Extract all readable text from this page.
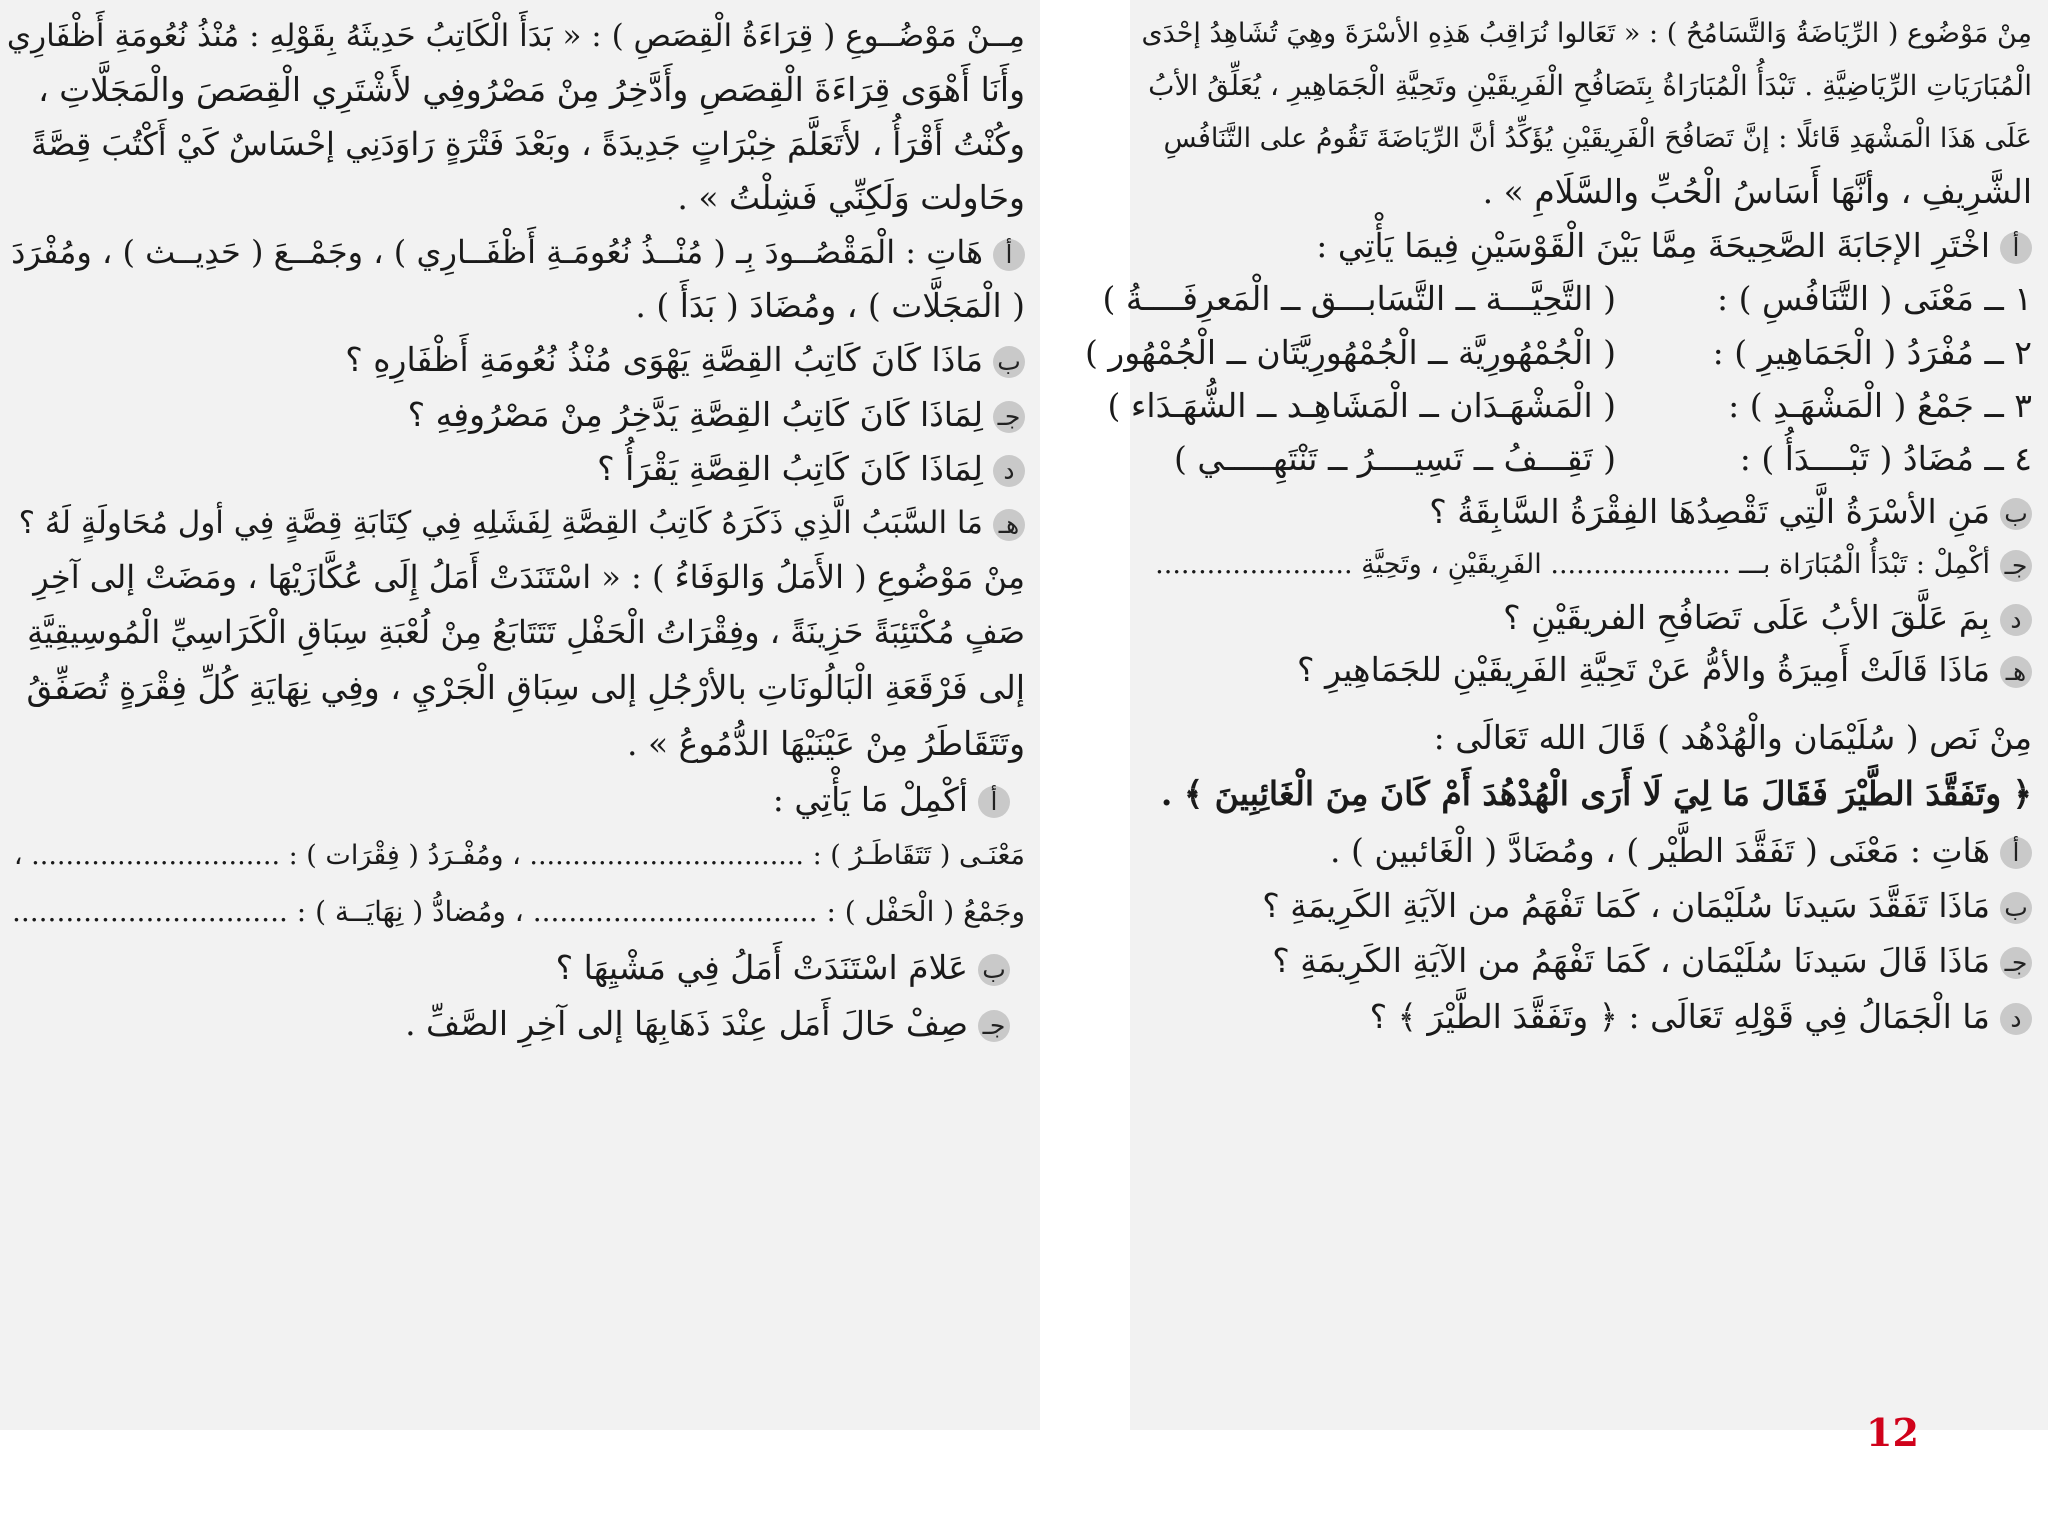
مِنْ مَوْضُوع ( الرِّيَاضَةُ وَالتَّسَامُحُ ) : « تَعَالوا نُرَاقِبُ هَذِهِ الأسْرَةَ وهِيَ تُشَاهِدُ إحْدَى
الْمُبَارَيَاتِ الرِّيَاضِيَّةِ . تَبْدَأُ الْمُبَارَاةُ بِتَصَافُحِ الْفَرِيقَيْنِ وتَحِيَّةِ الْجَمَاهِيرِ ، يُعَلِّقُ الأبُ
عَلَى هَذَا الْمَشْهَدِ قَائلًا : إنَّ تَصَافُحَ الْفَرِيقَيْنِ يُؤَكِّدُ أنَّ الرِّيَاضَةَ تَقُومُ على التَّنَافُسِ
الشَّرِيفِ ، وأنَّهَا أَسَاسُ الْحُبِّ والسَّلَامِ » .
أاخْتَرِ الإجَابَةَ الصَّحِيحَةَ مِمَّا بَيْنَ الْقَوْسَيْنِ فِيمَا يَأْتِي :
١ ــ مَعْنَى ( التَّنَافُسِ ) :
( التَّحِيَّـــة ــ التَّسَابـــق ــ الْمَعرِفَــــةُ )
٢ ــ مُفْرَدُ ( الْجَمَاهِيرِ ) :
( الْجُمْهُورِيَّة ــ الْجُمْهُورِيَّتَان ــ الْجُمْهُور )
٣ ــ جَمْعُ ( الْمَشْهَـدِ ) :
( الْمَشْهَـدَان ــ الْمَشَاهِـد ــ الشُّهَـدَاء )
٤ ــ مُضَادُ ( تَبْــــدَأُ ) :
( تَقِـــفُ ــ تَسِيــــرُ ــ تَنْتَهِـــــي )
بمَنِ الأسْرَةُ الَّتِي تَقْصِدُهَا الفِقْرَةُ السَّابِقَةُ ؟
جـأكْمِلْ : تَبْدَأُ الْمُبَارَاة بـــ ..................... الفَرِيقَيْنِ ، وتَحِيَّةِ .......................
دبِمَ عَلَّقَ الأبُ عَلَى تَصَافُحِ الفريقَيْنِ ؟
هـمَاذَا قَالَتْ أَمِيرَةُ والأمُّ عَنْ تَحِيَّةِ الفَرِيقَيْنِ للجَمَاهِيرِ ؟
مِنْ نَص ( سُلَيْمَان والْهُدْهُد ) قَالَ الله تَعَالَى :
﴿ وتَفَقَّدَ الطَّيْرَ فَقَالَ مَا لِيَ لَا أَرَى الْهُدْهُدَ أَمْ كَانَ مِنَ الْغَائِبِينَ ﴾ .
أهَاتِ : مَعْنَى ( تَفَقَّدَ الطَّيْر ) ، ومُضَادَّ ( الْغَائبين ) .
بمَاذَا تَفَقَّدَ سَيدنَا سُلَيْمَان ، كَمَا تَفْهَمُ من الآيَةِ الكَرِيمَةِ ؟
جـمَاذَا قَالَ سَيدنَا سُلَيْمَان ، كَمَا تَفْهَمُ من الآيَةِ الكَرِيمَةِ ؟
دمَا الْجَمَالُ فِي قَوْلِهِ تَعَالَى : ﴿ وتَفَقَّدَ الطَّيْرَ ﴾ ؟
مِــنْ مَوْضُــوعِ ( قِرَاءَةُ الْقِصَصِ ) : « بَدَأَ الْكَاتِبُ حَدِيثَهُ بِقَوْلِهِ : مُنْذُ نُعُومَةِ أَظْفَارِي
وأَنَا أَهْوَى قِرَاءَةَ الْقِصَصِ وأَدَّخِرُ مِنْ مَصْرُوفِي لأَشْتَرِي الْقِصَصَ والْمَجَلَّاتِ ،
وكُنْتُ أَقْرَأُ ، لأَتَعَلَّمَ خِبْرَاتٍ جَدِيدَةً ، وبَعْدَ فَتْرَةٍ رَاوَدَنِي إحْسَاسٌ كَيْ أَكْتُبَ قِصَّةً
وحَاولت وَلَكِنِّي فَشِلْتُ » .
أهَاتِ : الْمَقْصُــودَ بِـ ( مُنْــذُ نُعُومَـةِ أَظْفَــارِي ) ، وجَمْــعَ ( حَدِيــث ) ، ومُفْرَدَ
( الْمَجَلَّات ) ، ومُضَادَ ( بَدَأَ ) .
بمَاذَا كَانَ كَاتِبُ القِصَّةِ يَهْوَى مُنْذُ نُعُومَةِ أَظْفَارِهِ ؟
جـلِمَاذَا كَانَ كَاتِبُ القِصَّةِ يَدَّخِرُ مِنْ مَصْرُوفِهِ ؟
دلِمَاذَا كَانَ كَاتِبُ القِصَّةِ يَقْرَأُ ؟
هـمَا السَّبَبُ الَّذِي ذَكَرَهُ كَاتِبُ القِصَّةِ لِفَشَلِهِ فِي كِتَابَةِ قِصَّةٍ فِي أول مُحَاولَةٍ لَهُ ؟
مِنْ مَوْضُوعِ ( الأَمَلُ وَالوَفَاءُ ) : « اسْتَنَدَتْ أَمَلُ إِلَى عُكَّازَيْهَا ، ومَضَتْ إلى آخِرِ
صَفٍ مُكْتَئِبَةً حَزِينَةً ، وفِقْرَاتُ الْحَفْلِ تَتَتَابَعُ مِنْ لُعْبَةِ سِبَاقِ الْكَرَاسِيِّ الْمُوسِيقِيَّةِ
إلى فَرْقَعَةِ الْبَالُونَاتِ بالأرْجُلِ إلى سِبَاقِ الْجَرْيِ ، وفِي نِهَايَةِ كُلِّ فِقْرَةٍ تُصَفِّقُ
وتَتَقَاطَرُ مِنْ عَيْنَيْهَا الدُّمُوعُ » .
أأكْمِلْ مَا يَأْتِي :
مَعْنَـى ( تَتَقَاطَـرُ ) : ................................ ، ومُفْـرَدُ ( فِقْرَات ) : ............................. ،
وجَمْعُ ( الْحَفْل ) : ................................ ، ومُضادُّ ( نِهَايَــة ) : ...............................
بعَلامَ اسْتَنَدَتْ أَمَلُ فِي مَشْيِهَا ؟
جـصِفْ حَالَ أَمَل عِنْدَ ذَهَابِهَا إلى آخِرِ الصَّفِّ .
12
